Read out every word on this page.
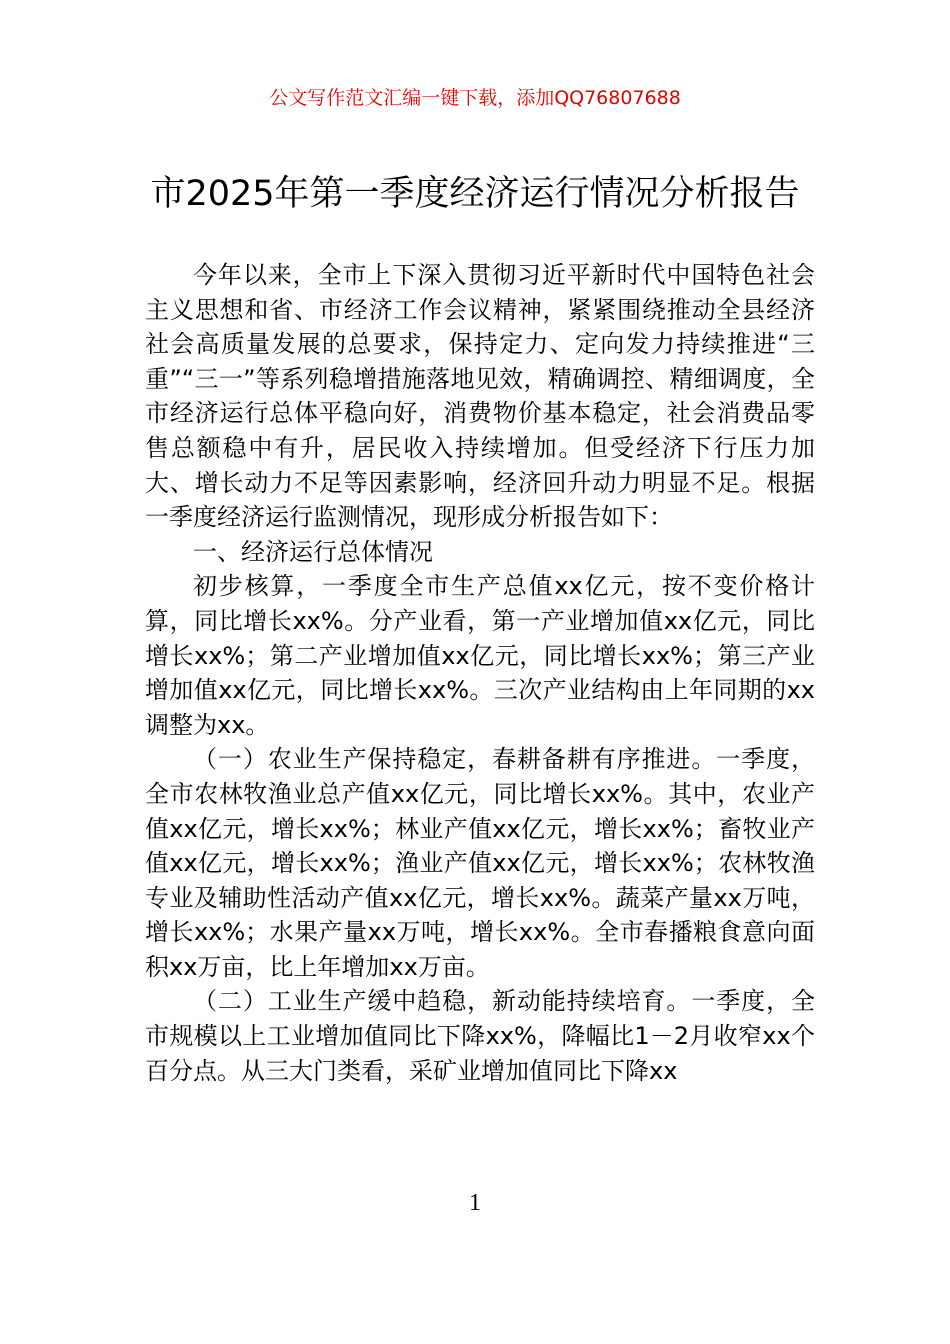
公文写作范文汇编一键下载，添加QQ76807688
市2025年第一季度经济运行情况分析报告

今年以来，全市上下深入贯彻习近平新时代中国特色社会主义思想和省、市经济工作会议精神，紧紧围绕推动全县经济社会高质量发展的总要求，保持定力、定向发力持续推进“三重”“三一”等系列稳增措施落地见效，精确调控、精细调度，全市经济运行总体平稳向好，消费物价基本稳定，社会消费品零售总额稳中有升，居民收入持续增加。但受经济下行压力加大、增长动力不足等因素影响，经济回升动力明显不足。根据一季度经济运行监测情况，现形成分析报告如下：

一、经济运行总体情况

初步核算，一季度全市生产总值xx亿元，按不变价格计算，同比增长xx%。分产业看，第一产业增加值xx亿元，同比增长xx%；第二产业增加值xx亿元，同比增长xx%；第三产业增加值xx亿元，同比增长xx%。三次产业结构由上年同期的xx调整为xx。

（一）农业生产保持稳定，春耕备耕有序推进。一季度，全市农林牧渔业总产值xx亿元，同比增长xx%。其中，农业产值xx亿元，增长xx%；林业产值xx亿元，增长xx%；畜牧业产值xx亿元，增长xx%；渔业产值xx亿元，增长xx%；农林牧渔专业及辅助性活动产值xx亿元，增长xx%。蔬菜产量xx万吨，增长xx%；水果产量xx万吨，增长xx%。全市春播粮食意向面积xx万亩，比上年增加xx万亩。

（二）工业生产缓中趋稳，新动能持续培育。一季度，全市规模以上工业增加值同比下降xx%，降幅比1－2月收窄xx个百分点。从三大门类看，采矿业增加值同比下降xx

1
